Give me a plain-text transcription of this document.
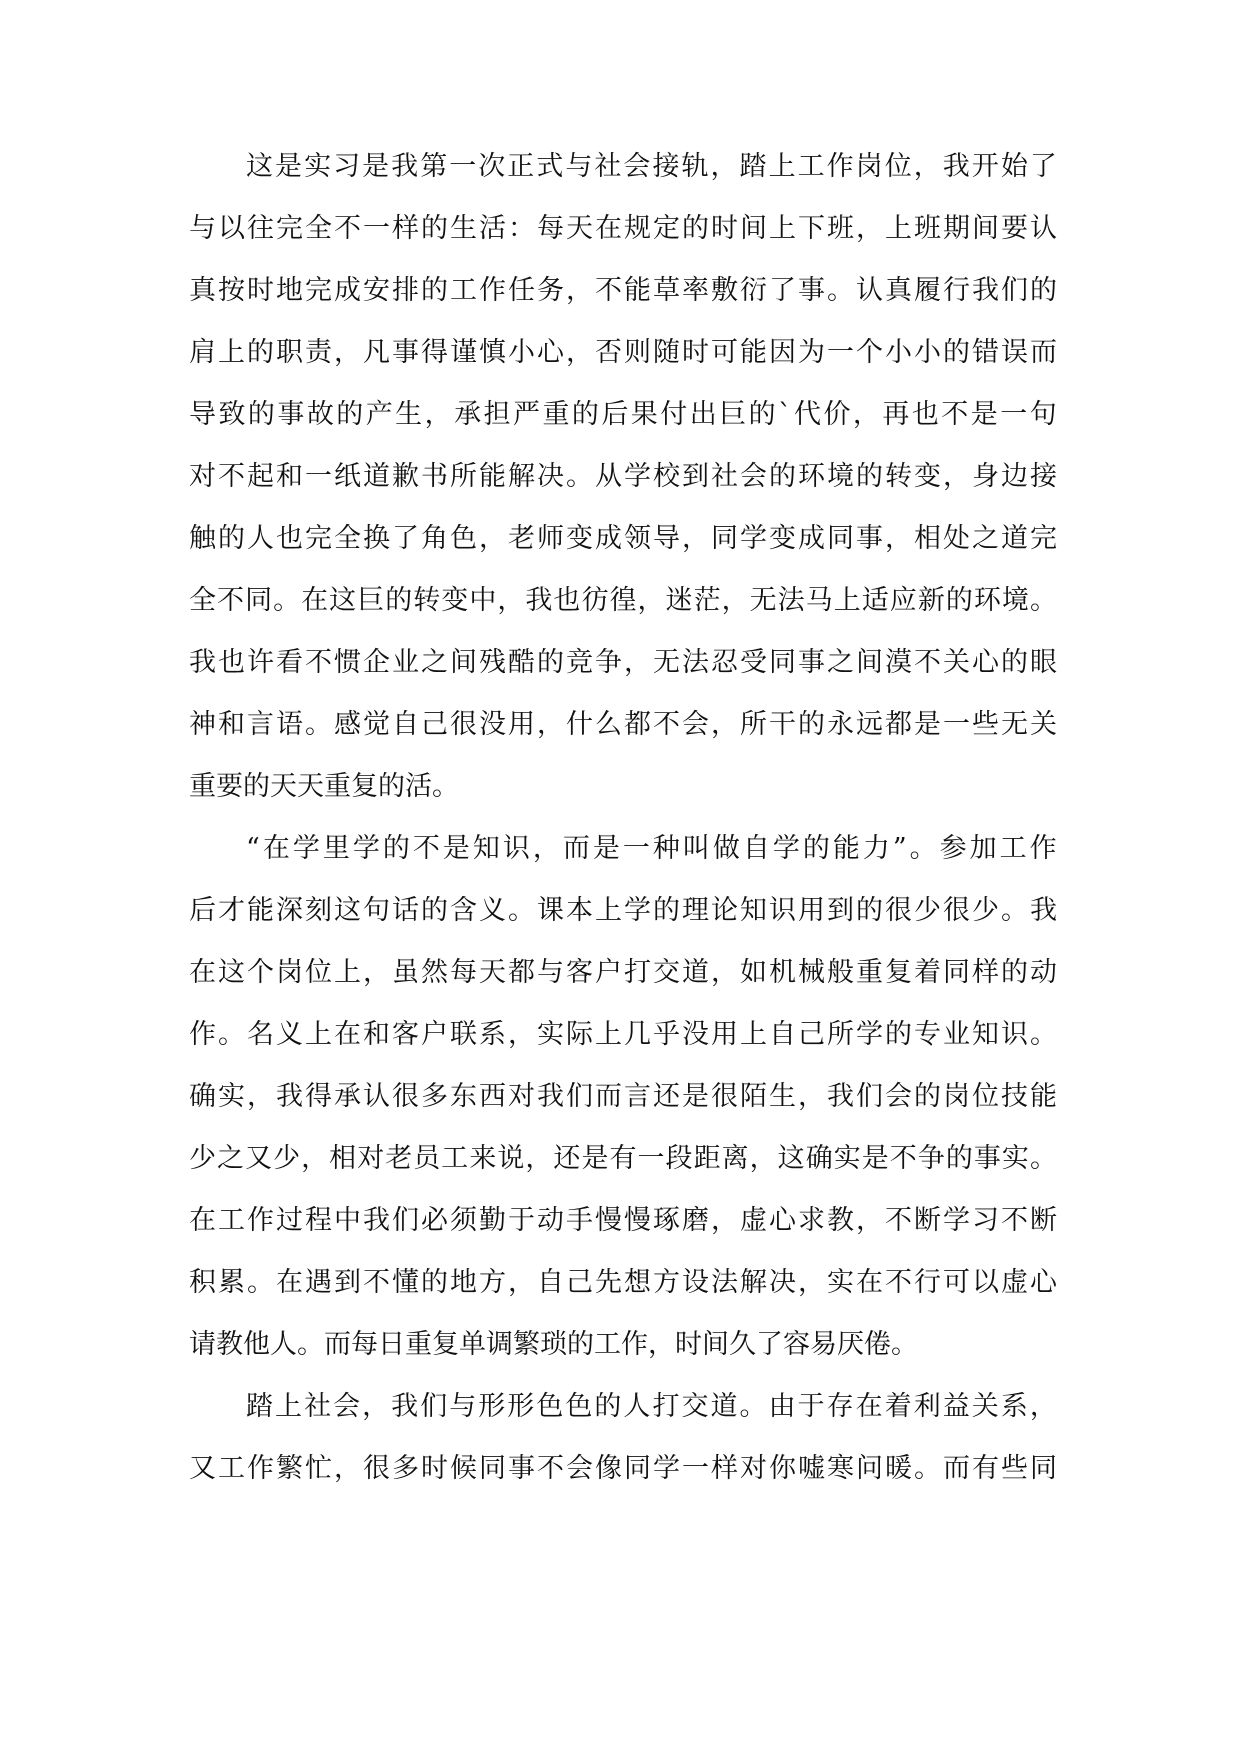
这 是 实 习 是 我 第 一 次 正 式 与 社 会 接 轨 ， 踏 上 工 作 岗 位 ， 我 开 始 了
与 以 往 完 全 不 一 样 的 生 活 ： 每 天 在 规 定 的 时 间 上 下 班 ， 上 班 期 间 要 认
真 按 时 地 完 成 安 排 的 工 作 任 务 ， 不 能 草 率 敷 衍 了 事 。 认 真 履 行 我 们 的
肩 上 的 职 责 ， 凡 事 得 谨 慎 小 心 ， 否 则 随 时 可 能 因 为 一 个 小 小 的 错 误 而
导 致 的 事 故 的 产 生 ， 承 担 严 重 的 后 果 付 出 巨 的 ` 代 价 ， 再 也 不 是 一 句
对 不 起 和 一 纸 道 歉 书 所 能 解 决 。 从 学 校 到 社 会 的 环 境 的 转 变 ， 身 边 接
触 的 人 也 完 全 换 了 角 色 ， 老 师 变 成 领 导 ， 同 学 变 成 同 事 ， 相 处 之 道 完
全 不 同 。 在 这 巨 的 转 变 中 ， 我 也 彷 徨 ， 迷 茫 ， 无 法 马 上 适 应 新 的 环 境 。
我 也 许 看 不 惯 企 业 之 间 残 酷 的 竞 争 ， 无 法 忍 受 同 事 之 间 漠 不 关 心 的 眼
神 和 言 语 。 感 觉 自 己 很 没 用 ， 什 么 都 不 会 ， 所 干 的 永 远 都 是 一 些 无 关
重要的天天重复的活。
“ 在 学 里 学 的 不 是 知 识 ， 而 是 一 种 叫 做 自 学 的 能 力 ” 。 参 加 工 作
后 才 能 深 刻 这 句 话 的 含 义 。 课 本 上 学 的 理 论 知 识 用 到 的 很 少 很 少 。 我
在 这 个 岗 位 上 ， 虽 然 每 天 都 与 客 户 打 交 道 ， 如 机 械 般 重 复 着 同 样 的 动
作 。 名 义 上 在 和 客 户 联 系 ， 实 际 上 几 乎 没 用 上 自 己 所 学 的 专 业 知 识 。
确 实 ， 我 得 承 认 很 多 东 西 对 我 们 而 言 还 是 很 陌 生 ， 我 们 会 的 岗 位 技 能
少 之 又 少 ， 相 对 老 员 工 来 说 ， 还 是 有 一 段 距 离 ， 这 确 实 是 不 争 的 事 实 。
在 工 作 过 程 中 我 们 必 须 勤 于 动 手 慢 慢 琢 磨 ， 虚 心 求 教 ， 不 断 学 习 不 断
积 累 。 在 遇 到 不 懂 的 地 方 ， 自 己 先 想 方 设 法 解 决 ， 实 在 不 行 可 以 虚 心
请教他人。而每日重复单调繁琐的工作，时间久了容易厌倦。
踏 上 社 会 ， 我 们 与 形 形 色 色 的 人 打 交 道 。 由 于 存 在 着 利 益 关 系 ，
又 工 作 繁 忙 ， 很 多 时 候 同 事 不 会 像 同 学 一 样 对 你 嘘 寒 问 暖 。 而 有 些 同
